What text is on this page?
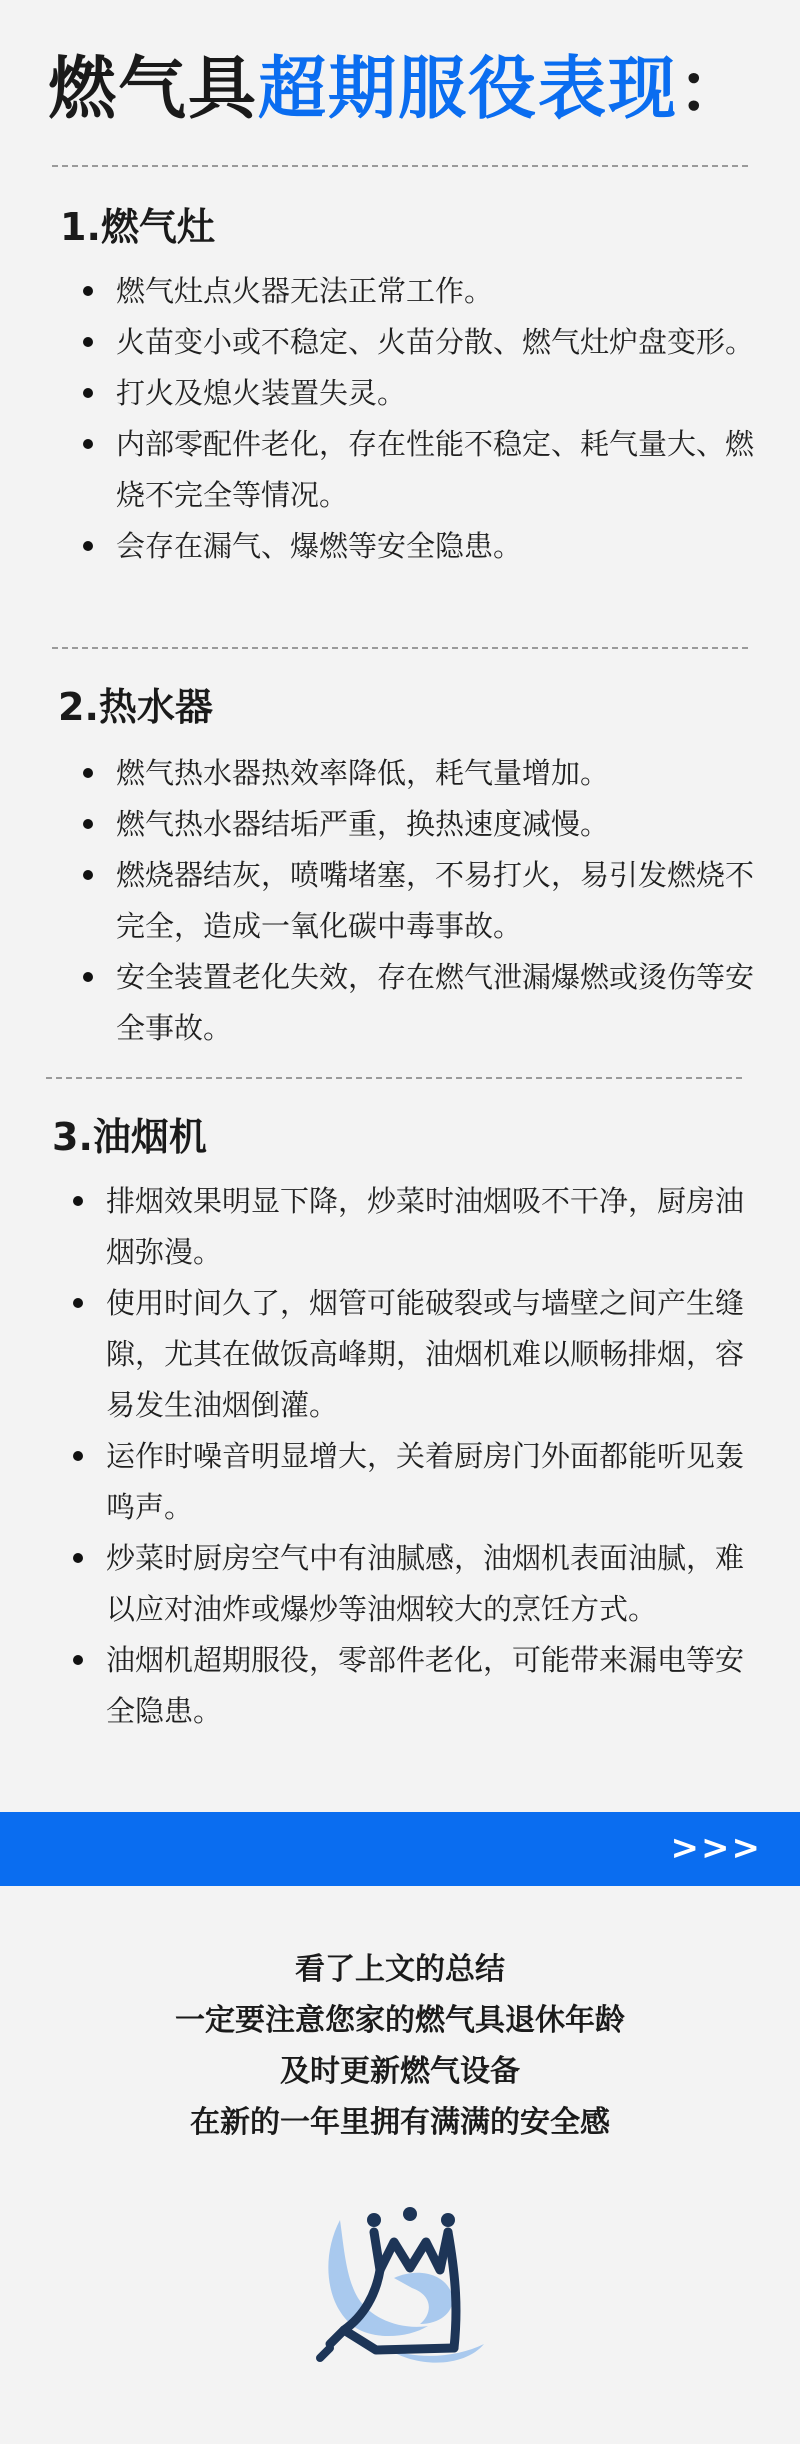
燃气具超期服役表现：
1.燃气灶
燃气灶点火器无法正常工作。
火苗变小或不稳定、火苗分散、燃气灶炉盘变形。
打火及熄火装置失灵。
内部零配件老化，存在性能不稳定、耗气量大、燃烧不完全等情况。
会存在漏气、爆燃等安全隐患。
2.热水器
燃气热水器热效率降低，耗气量增加。
燃气热水器结垢严重，换热速度减慢。
燃烧器结灰，喷嘴堵塞，不易打火，易引发燃烧不完全，造成一氧化碳中毒事故。
安全装置老化失效，存在燃气泄漏爆燃或烫伤等安全事故。
3.油烟机
排烟效果明显下降，炒菜时油烟吸不干净，厨房油烟弥漫。
使用时间久了，烟管可能破裂或与墙壁之间产生缝隙，尤其在做饭高峰期，油烟机难以顺畅排烟，容易发生油烟倒灌。
运作时噪音明显增大，关着厨房门外面都能听见轰鸣声。
炒菜时厨房空气中有油腻感，油烟机表面油腻，难以应对油炸或爆炒等油烟较大的烹饪方式。
油烟机超期服役，零部件老化，可能带来漏电等安全隐患。
>>>
看了上文的总结
一定要注意您家的燃气具退休年龄
及时更新燃气设备
在新的一年里拥有满满的安全感
